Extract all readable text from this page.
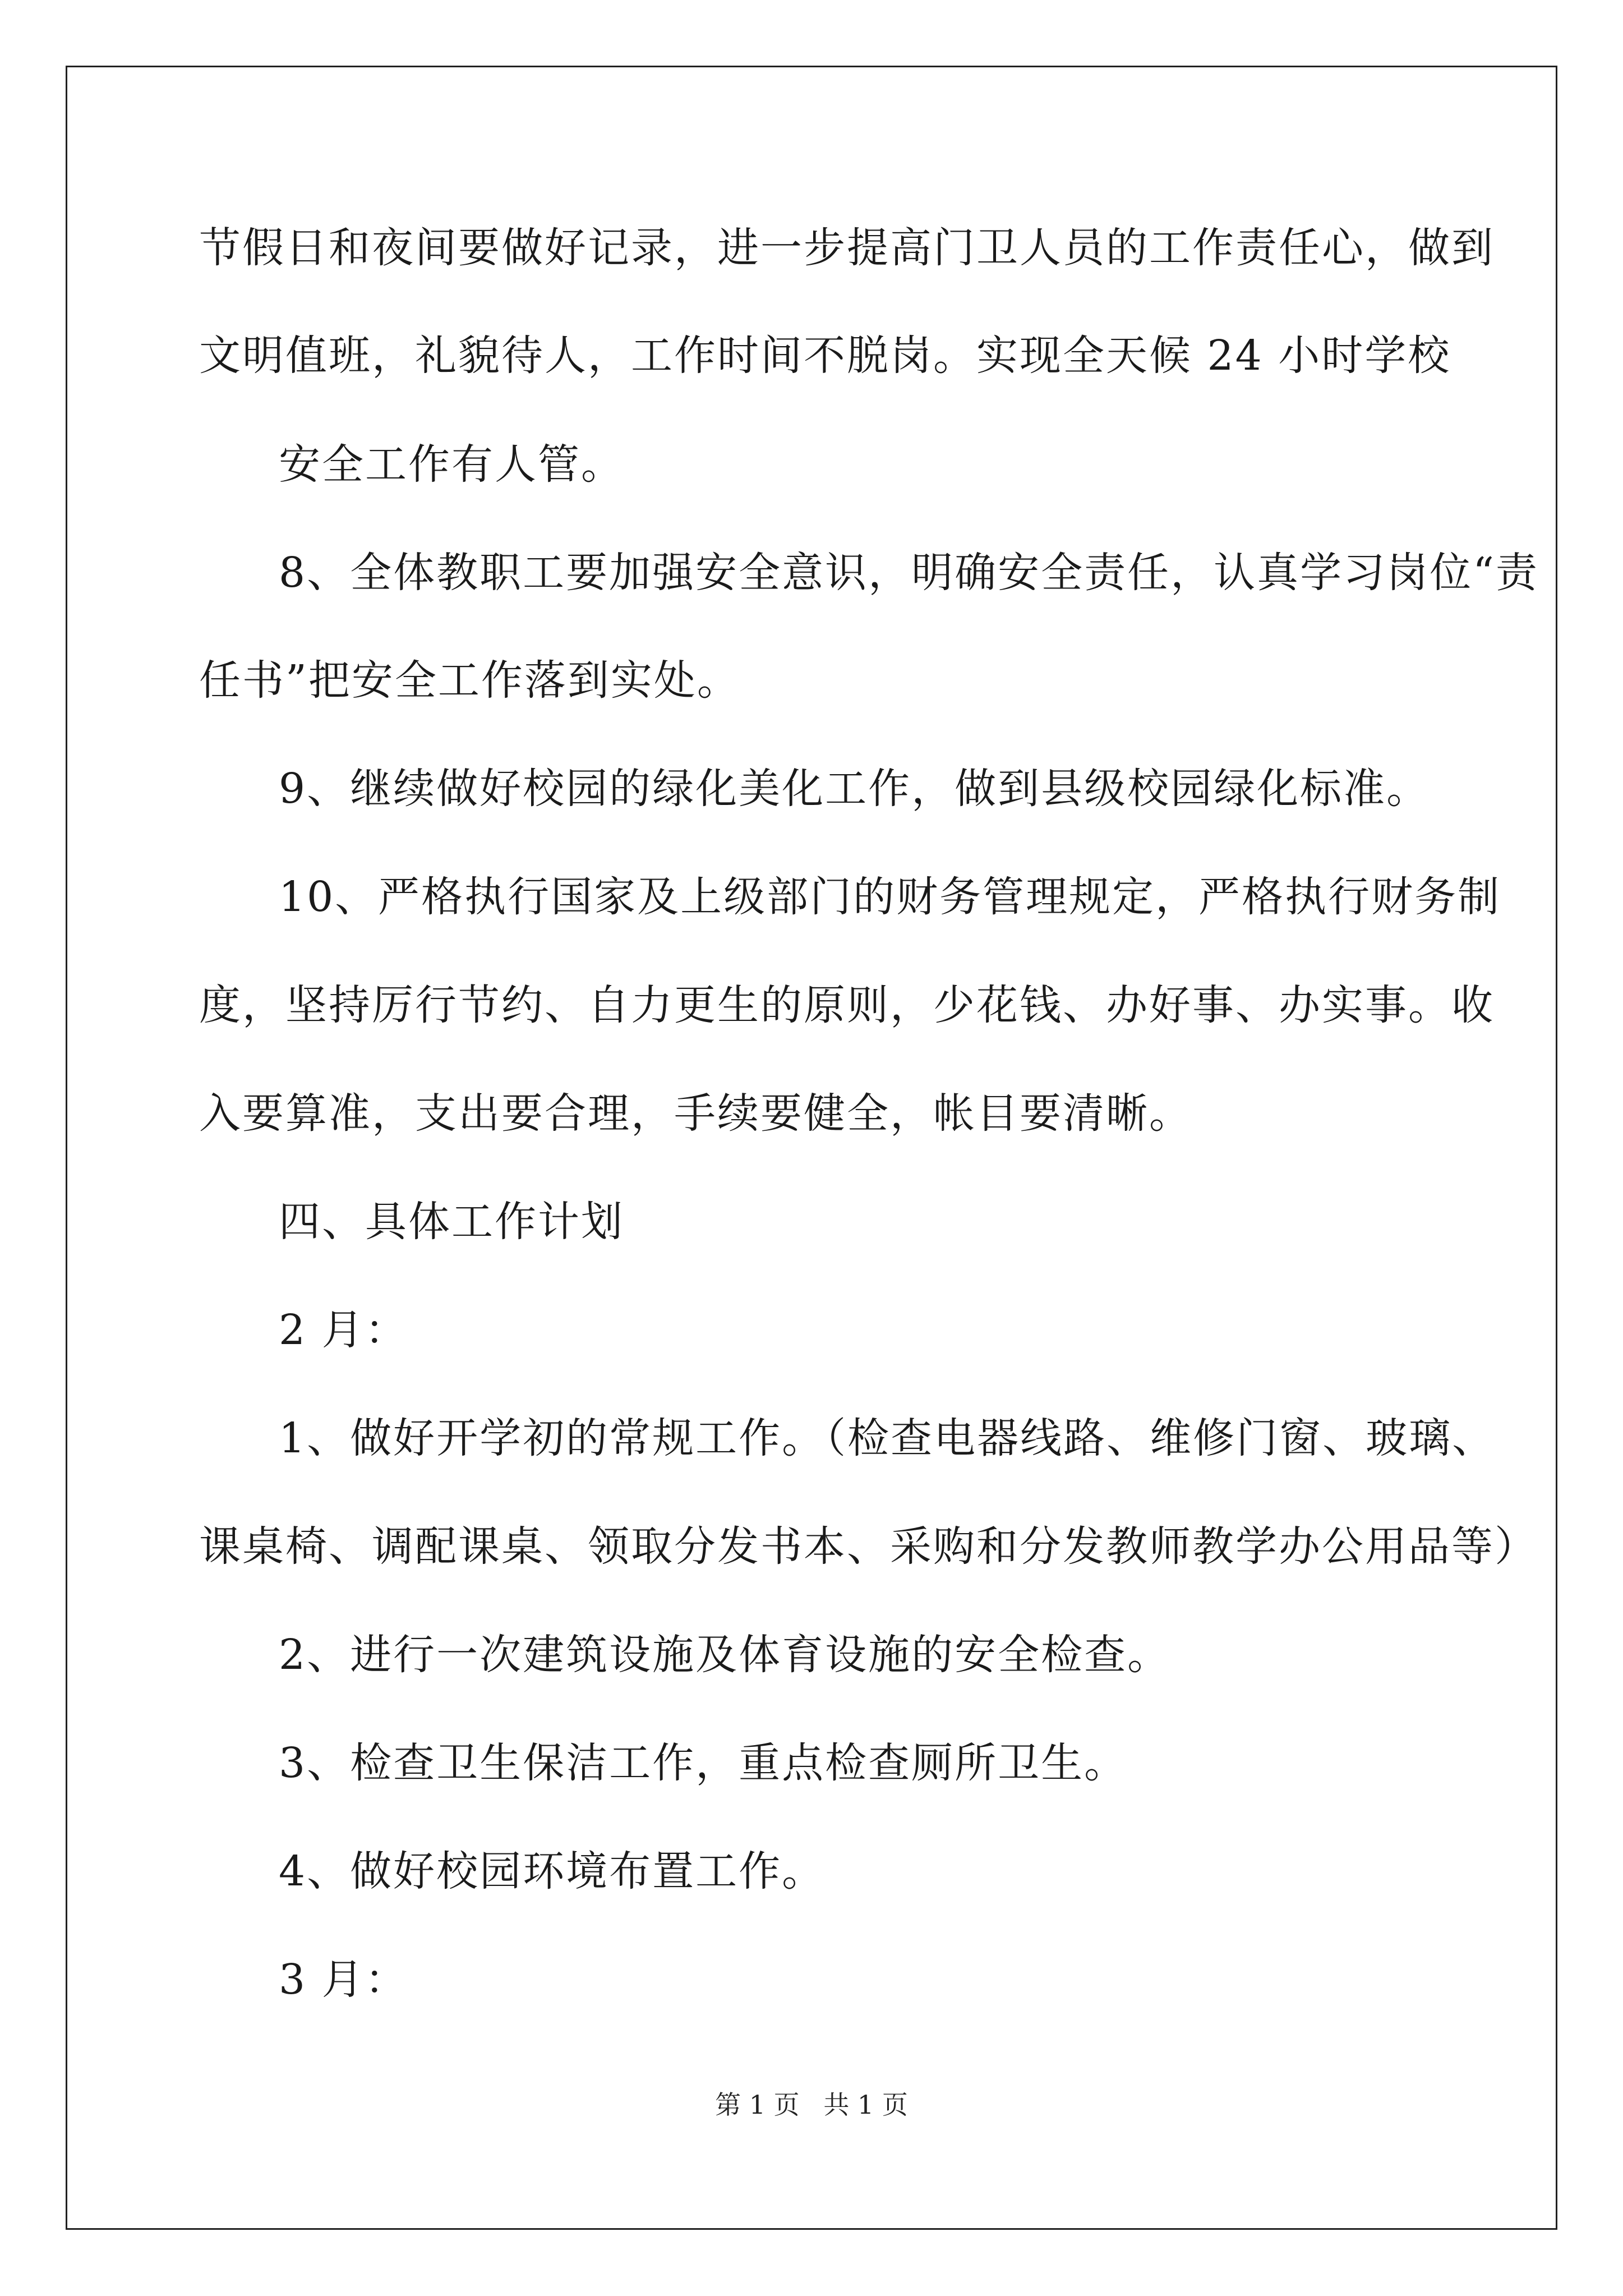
节假日和夜间要做好记录，进一步提高门卫人员的工作责任心，做到
文明值班，礼貌待人，工作时间不脱岗。实现全天候 24 小时学校
安全工作有人管。
8、全体教职工要加强安全意识，明确安全责任，认真学习岗位“责
任书”把安全工作落到实处。
9、继续做好校园的绿化美化工作，做到县级校园绿化标准。
10、严格执行国家及上级部门的财务管理规定，严格执行财务制
度，坚持厉行节约、自力更生的原则，少花钱、办好事、办实事。收
入要算准，支出要合理，手续要健全，帐目要清晰。
四、具体工作计划
2 月：
1、做好开学初的常规工作。（检查电器线路、维修门窗、玻璃、
课桌椅、调配课桌、领取分发书本、采购和分发教师教学办公用品等）
2、进行一次建筑设施及体育设施的安全检查。
3、检查卫生保洁工作，重点检查厕所卫生。
4、做好校园环境布置工作。
3 月：
第 1 页 共 1 页
